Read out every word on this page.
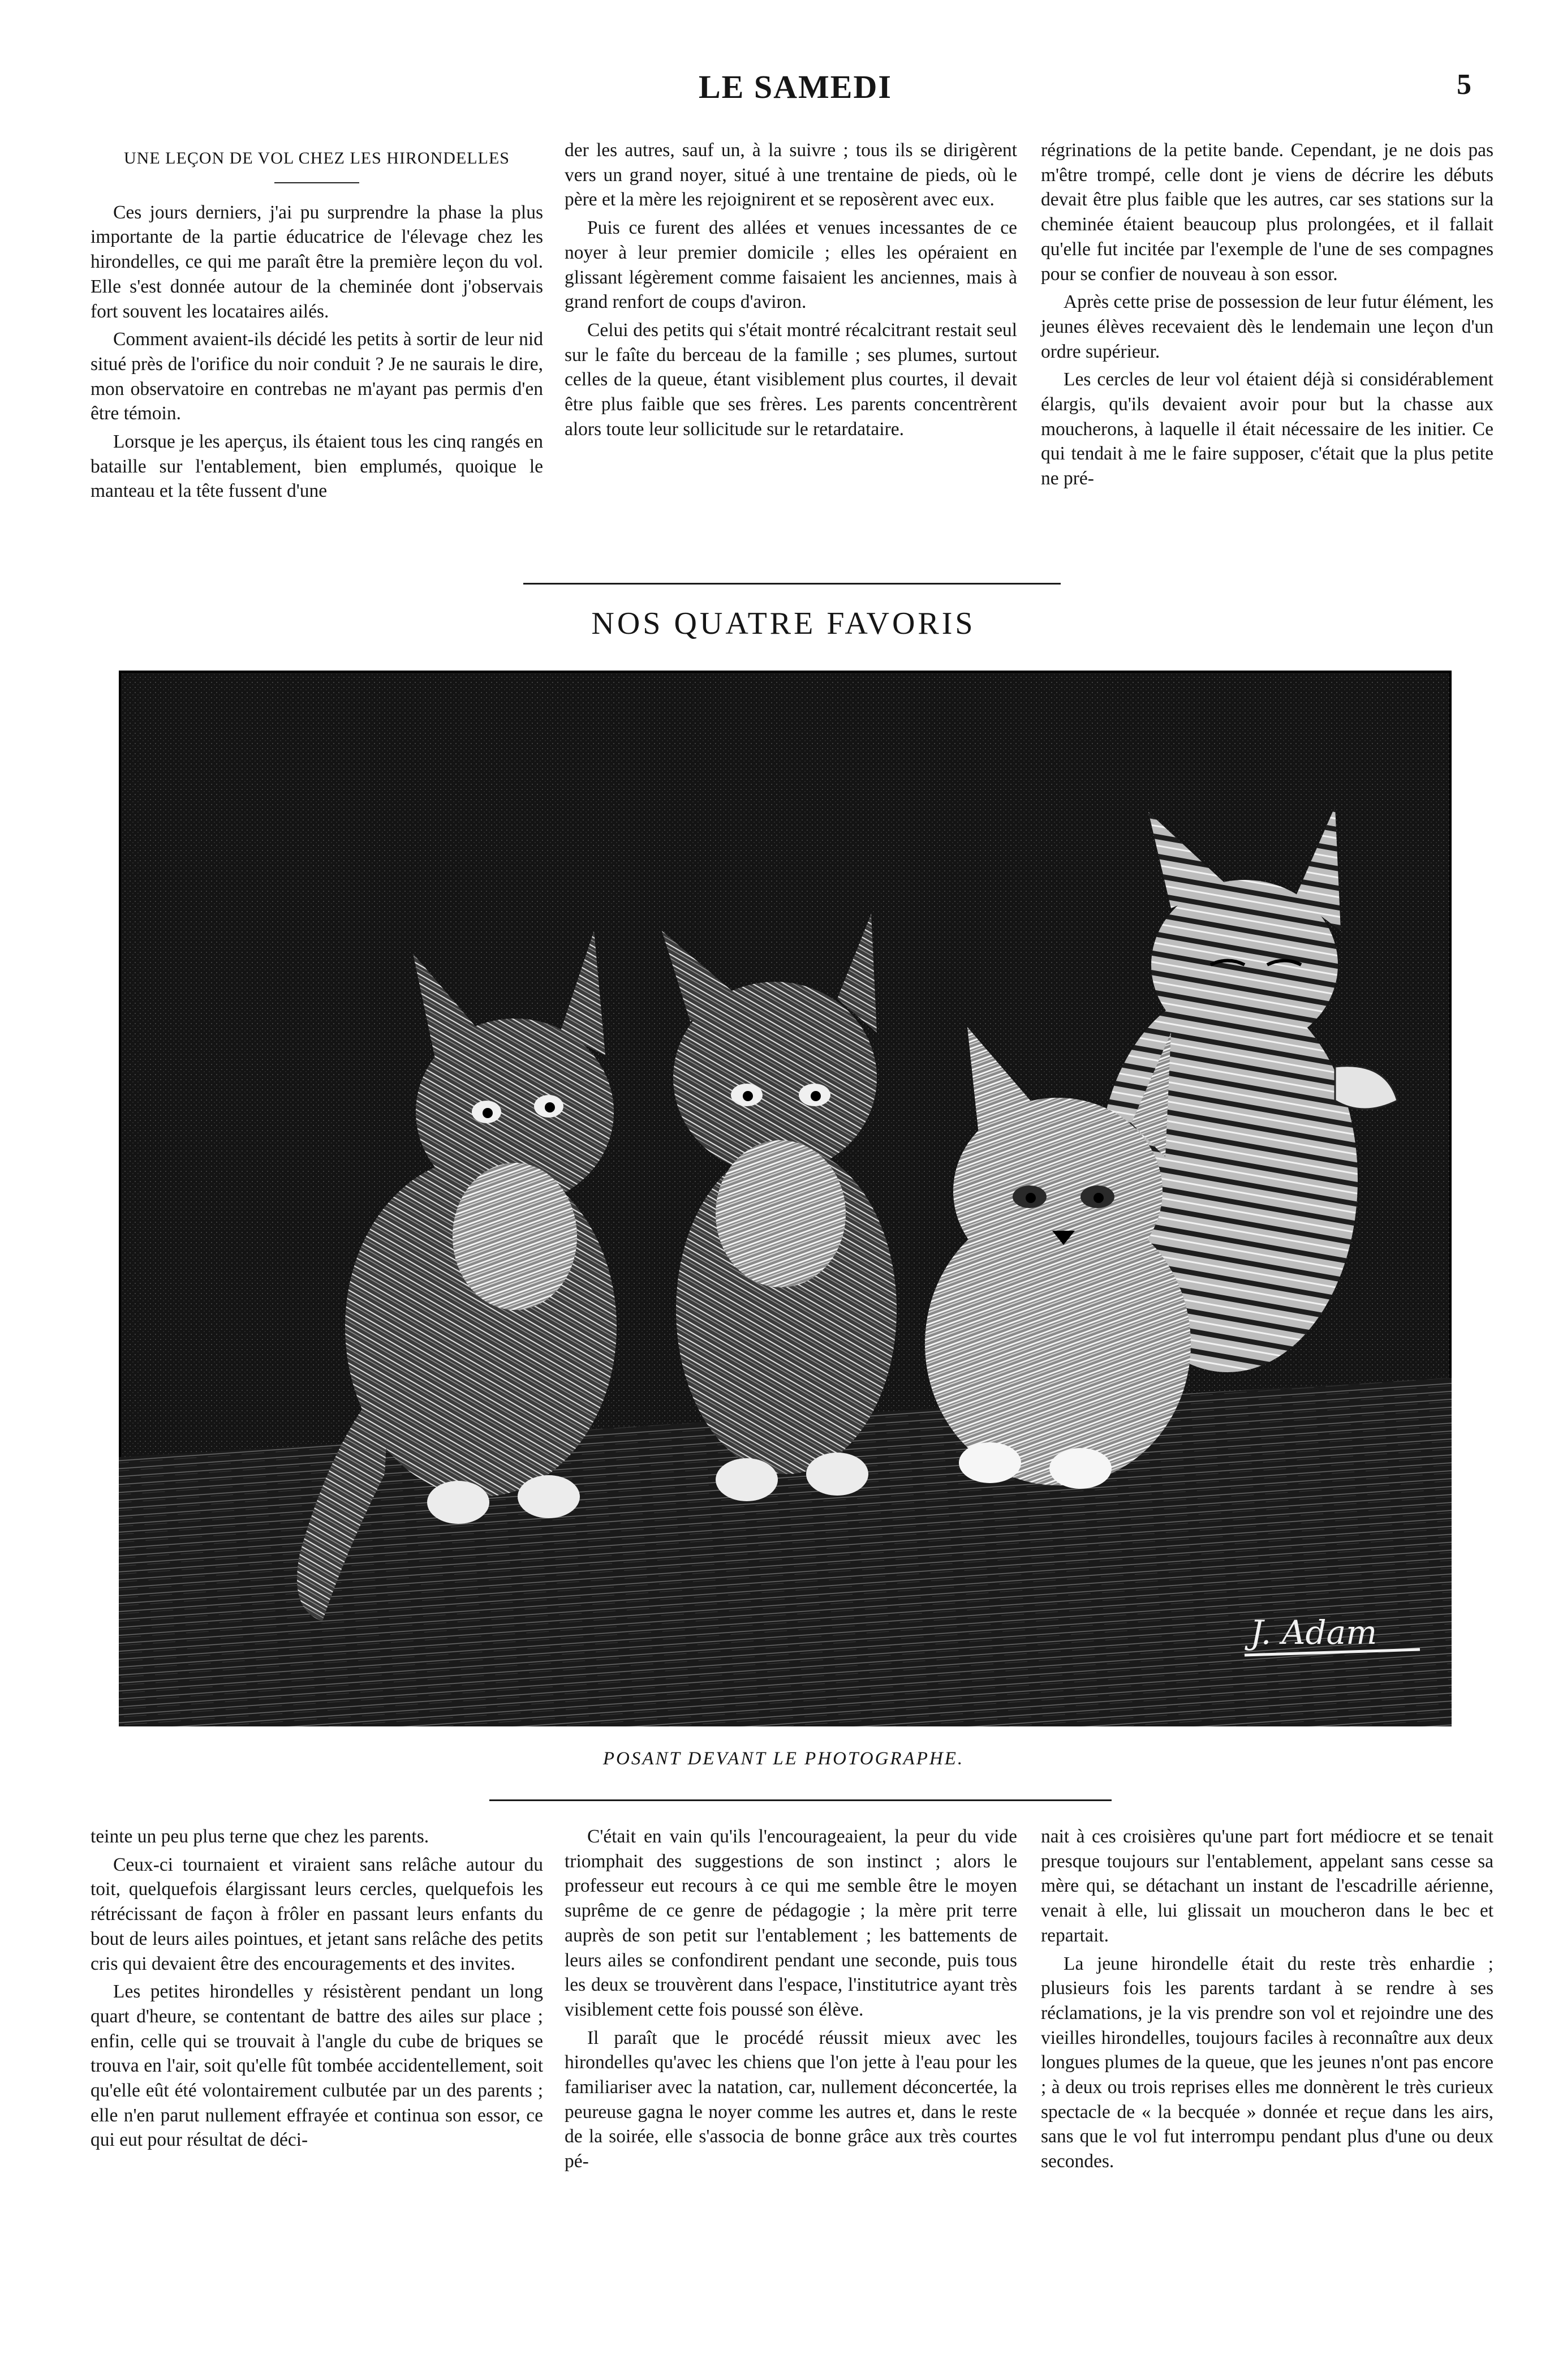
LE SAMEDI	5

UNE LEÇON DE VOL CHEZ LES HIRONDELLES

Ces jours derniers, j'ai pu surprendre la phase la plus importante de la partie éducatrice de l'élevage chez les hirondelles, ce qui me paraît être la première leçon du vol. Elle s'est donnée autour de la cheminée dont j'observais fort souvent les locataires ailés.

Comment avaient-ils décidé les petits à sortir de leur nid situé près de l'orifice du noir conduit ? Je ne saurais le dire, mon observatoire en contrebas ne m'ayant pas permis d'en être témoin.

Lorsque je les aperçus, ils étaient tous les cinq rangés en bataille sur l'entablement, bien emplumés, quoique le manteau et la tête fussent d'une

der les autres, sauf un, à la suivre ; tous ils se dirigèrent vers un grand noyer, situé à une trentaine de pieds, où le père et la mère les rejoignirent et se reposèrent avec eux.

Puis ce furent des allées et venues incessantes de ce noyer à leur premier domicile ; elles les opéraient en glissant légèrement comme faisaient les anciennes, mais à grand renfort de coups d'aviron.

Celui des petits qui s'était montré récalcitrant restait seul sur le faîte du berceau de la famille ; ses plumes, surtout celles de la queue, étant visiblement plus courtes, il devait être plus faible que ses frères. Les parents concentrèrent alors toute leur sollicitude sur le retardataire.

régrinations de la petite bande. Cependant, je ne dois pas m'être trompé, celle dont je viens de décrire les débuts devait être plus faible que les autres, car ses stations sur la cheminée étaient beaucoup plus prolongées, et il fallait qu'elle fut incitée par l'exemple de l'une de ses compagnes pour se confier de nouveau à son essor.

Après cette prise de possession de leur futur élément, les jeunes élèves recevaient dès le lendemain une leçon d'un ordre supérieur.

Les cercles de leur vol étaient déjà si considérablement élargis, qu'ils devaient avoir pour but la chasse aux moucherons, à laquelle il était nécessaire de les initier. Ce qui tendait à me le faire supposer, c'était que la plus petite ne pré-

NOS QUATRE FAVORIS
J. Adam
POSANT DEVANT LE PHOTOGRAPHE.

teinte un peu plus terne que chez les parents.

Ceux-ci tournaient et viraient sans relâche autour du toit, quelquefois élargissant leurs cercles, quelquefois les rétrécissant de façon à frôler en passant leurs enfants du bout de leurs ailes pointues, et jetant sans relâche des petits cris qui devaient être des encouragements et des invites.

Les petites hirondelles y résistèrent pendant un long quart d'heure, se contentant de battre des ailes sur place ; enfin, celle qui se trouvait à l'angle du cube de briques se trouva en l'air, soit qu'elle fût tombée accidentellement, soit qu'elle eût été volontairement culbutée par un des parents ; elle n'en parut nullement effrayée et continua son essor, ce qui eut pour résultat de déci-

C'était en vain qu'ils l'encourageaient, la peur du vide triomphait des suggestions de son instinct ; alors le professeur eut recours à ce qui me semble être le moyen suprême de ce genre de pédagogie ; la mère prit terre auprès de son petit sur l'entablement ; les battements de leurs ailes se confondirent pendant une seconde, puis tous les deux se trouvèrent dans l'espace, l'institutrice ayant très visiblement cette fois poussé son élève.

Il paraît que le procédé réussit mieux avec les hirondelles qu'avec les chiens que l'on jette à l'eau pour les familiariser avec la natation, car, nullement déconcertée, la peureuse gagna le noyer comme les autres et, dans le reste de la soirée, elle s'associa de bonne grâce aux très courtes pé-

nait à ces croisières qu'une part fort médiocre et se tenait presque toujours sur l'entablement, appelant sans cesse sa mère qui, se détachant un instant de l'escadrille aérienne, venait à elle, lui glissait un moucheron dans le bec et repartait.

La jeune hirondelle était du reste très enhardie ; plusieurs fois les parents tardant à se rendre à ses réclamations, je la vis prendre son vol et rejoindre une des vieilles hirondelles, toujours faciles à reconnaître aux deux longues plumes de la queue, que les jeunes n'ont pas encore ; à deux ou trois reprises elles me donnèrent le très curieux spectacle de « la becquée » donnée et reçue dans les airs, sans que le vol fut interrompu pendant plus d'une ou deux secondes.
